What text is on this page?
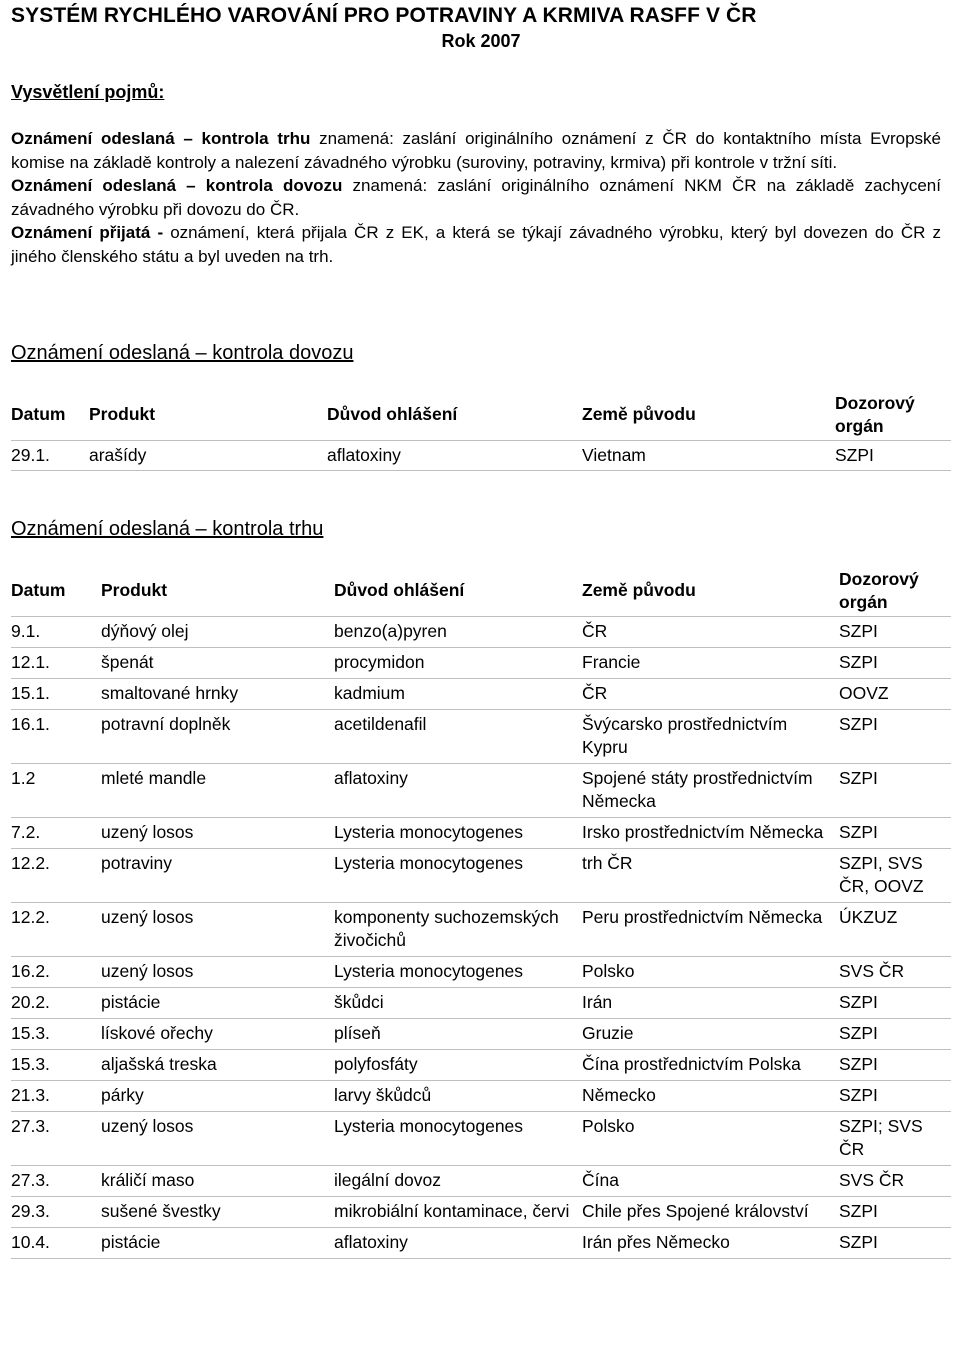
SYSTÉM RYCHLÉHO VAROVÁNÍ PRO POTRAVINY A KRMIVA RASFF V ČR
Rok 2007
Vysvětlení pojmů:

Oznámení odeslaná – kontrola trhu znamená: zaslání originálního oznámení z ČR do kontaktního místa Evropské komise na základě kontroly a nalezení závadného výrobku (suroviny, potraviny, krmiva) při kontrole v tržní síti.

Oznámení odeslaná – kontrola dovozu znamená: zaslání originálního oznámení NKM ČR na základě zachycení závadného výrobku při dovozu do ČR.

Oznámení přijatá - oznámení, která přijala ČR z EK, a která se týkají závadného výrobku, který byl dovezen do ČR z jiného členského státu a byl uveden na trh.

Oznámení odeslaná – kontrola dovozu
Datum	Produkt	Důvod ohlášení	Země původu	Dozorový orgán
29.1.	arašídy	aflatoxiny	Vietnam	SZPI
Oznámení odeslaná – kontrola trhu
Datum	Produkt	Důvod ohlášení	Země původu	Dozorový orgán
9.1.	dýňový olej	benzo(a)pyren	ČR	SZPI
12.1.	špenát	procymidon	Francie	SZPI
15.1.	smaltované hrnky	kadmium	ČR	OOVZ
16.1.	potravní doplněk	acetildenafil	Švýcarsko prostřednictvím Kypru	SZPI
1.2	mleté mandle	aflatoxiny	Spojené státy prostřednictvím Německa	SZPI
7.2.	uzený losos	Lysteria monocytogenes	Irsko prostřednictvím Německa	SZPI
12.2.	potraviny	Lysteria monocytogenes	trh ČR	SZPI, SVS ČR, OOVZ
12.2.	uzený losos	komponenty suchozemských živočichů	Peru prostřednictvím Německa	ÚKZUZ
16.2.	uzený losos	Lysteria monocytogenes	Polsko	SVS ČR
20.2.	pistácie	škůdci	Irán	SZPI
15.3.	lískové ořechy	plíseň	Gruzie	SZPI
15.3.	aljašská treska	polyfosfáty	Čína prostřednictvím Polska	SZPI
21.3.	párky	larvy škůdců	Německo	SZPI
27.3.	uzený losos	Lysteria monocytogenes	Polsko	SZPI; SVS ČR
27.3.	králičí maso	ilegální dovoz	Čína	SVS ČR
29.3.	sušené švestky	mikrobiální kontaminace, červi	Chile přes Spojené království	SZPI
10.4.	pistácie	aflatoxiny	Irán přes Německo	SZPI
